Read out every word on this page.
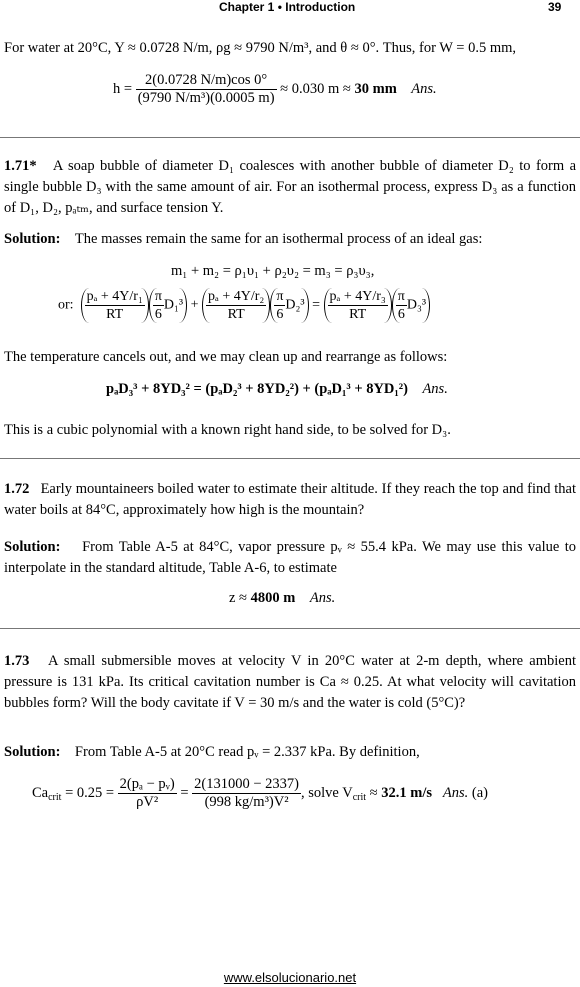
Chapter 1 • Introduction	39
For water at 20°C, Y ≈ 0.0728 N/m, ρg ≈ 9790 N/m³, and θ ≈ 0°. Thus, for W = 0.5 mm,
$h = \frac{2(0.0728 N/m)\cos 0^\circ}{\text{(9790 N/m³)(0.0005 m)}} \approx 0.030$ m ≈ 30 mm Ans.
1.71* A soap bubble of diameter D₁ coalesces with another bubble of diameter D₂ to form a single bubble D₃ with the same amount of air. For an isothermal process, express D₃ as a function of D₁, D₂, pₐₜₘ, and surface tension Y.
Solution: The masses remain the same for an isothermal process of an ideal gas:
m₁ + m₂ = ρ₁υ₁ + ρ₂υ₂ = m₃ = ρ₃υ₃,
or: $\frac{\text{pₐ + 4Y/r₁}}{RT} \frac{\pi}{6} D_1^3 + \frac{\text{pₐ + 4Y/r₂}}{RT} \frac{\pi}{6} D_2^3 = \frac{\text{pₐ + 4Y/r₃}}{RT} \frac{\pi}{6} D_3^3$
The temperature cancels out, and we may clean up and rearrange as follows:
pₐD₃³ + 8YD₃² = (pₐD₂³ + 8YD₂²) + (pₐD₁³ + 8YD₁²) Ans.
This is a cubic polynomial with a known right hand side, to be solved for D₃.
1.72 Early mountaineers boiled water to estimate their altitude. If they reach the top and find that water boils at 84°C, approximately how high is the mountain?
Solution: From Table A-5 at 84°C, vapor pressure pᵥ ≈ 55.4 kPa. We may use this value to interpolate in the standard altitude, Table A-6, to estimate
z ≈ 4800 m Ans.
1.73 A small submersible moves at velocity V in 20°C water at 2-m depth, where ambient pressure is 131 kPa. Its critical cavitation number is Ca ≈ 0.25. At what velocity will cavitation bubbles form? Will the body cavitate if V = 30 m/s and the water is cold (5°C)?
Solution: From Table A-5 at 20°C read pᵥ = 2.337 kPa. By definition,
$Ca_{crit} = 0.25 = \frac{\text{2(pₐ − pᵥ)}}{\text{ρV²}} = \frac{2(131000 - 2337)}{\text{(998 kg/m³)V²}}$ , solve $V_{crit} \approx 32.1$ m/s Ans. (a)
www.elsolucionario.net
